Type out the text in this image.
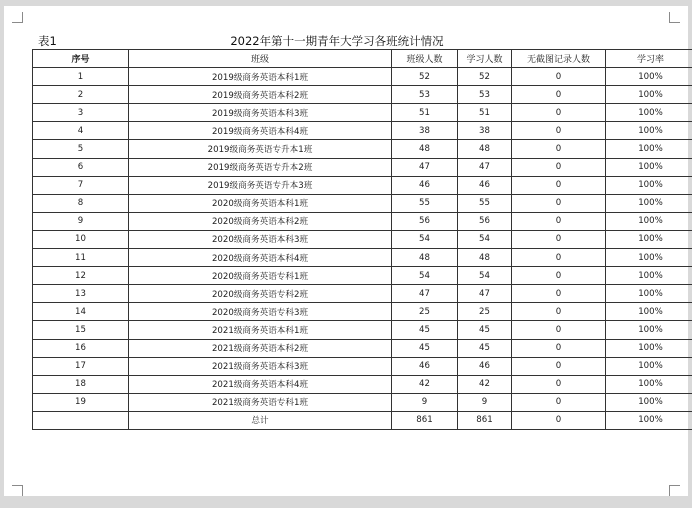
表1	2022年第十一期青年大学习各班统计情况
序号	班级	班级人数	学习人数	无截图记录人数	学习率
1	2019级商务英语本科1班	52	52	0	100%
2	2019级商务英语本科2班	53	53	0	100%
3	2019级商务英语本科3班	51	51	0	100%
4	2019级商务英语本科4班	38	38	0	100%
5	2019级商务英语专升本1班	48	48	0	100%
6	2019级商务英语专升本2班	47	47	0	100%
7	2019级商务英语专升本3班	46	46	0	100%
8	2020级商务英语本科1班	55	55	0	100%
9	2020级商务英语本科2班	56	56	0	100%
10	2020级商务英语本科3班	54	54	0	100%
11	2020级商务英语本科4班	48	48	0	100%
12	2020级商务英语专科1班	54	54	0	100%
13	2020级商务英语专科2班	47	47	0	100%
14	2020级商务英语专科3班	25	25	0	100%
15	2021级商务英语本科1班	45	45	0	100%
16	2021级商务英语本科2班	45	45	0	100%
17	2021级商务英语本科3班	46	46	0	100%
18	2021级商务英语本科4班	42	42	0	100%
19	2021级商务英语专科1班	9	9	0	100%
	总计	861	861	0	100%
